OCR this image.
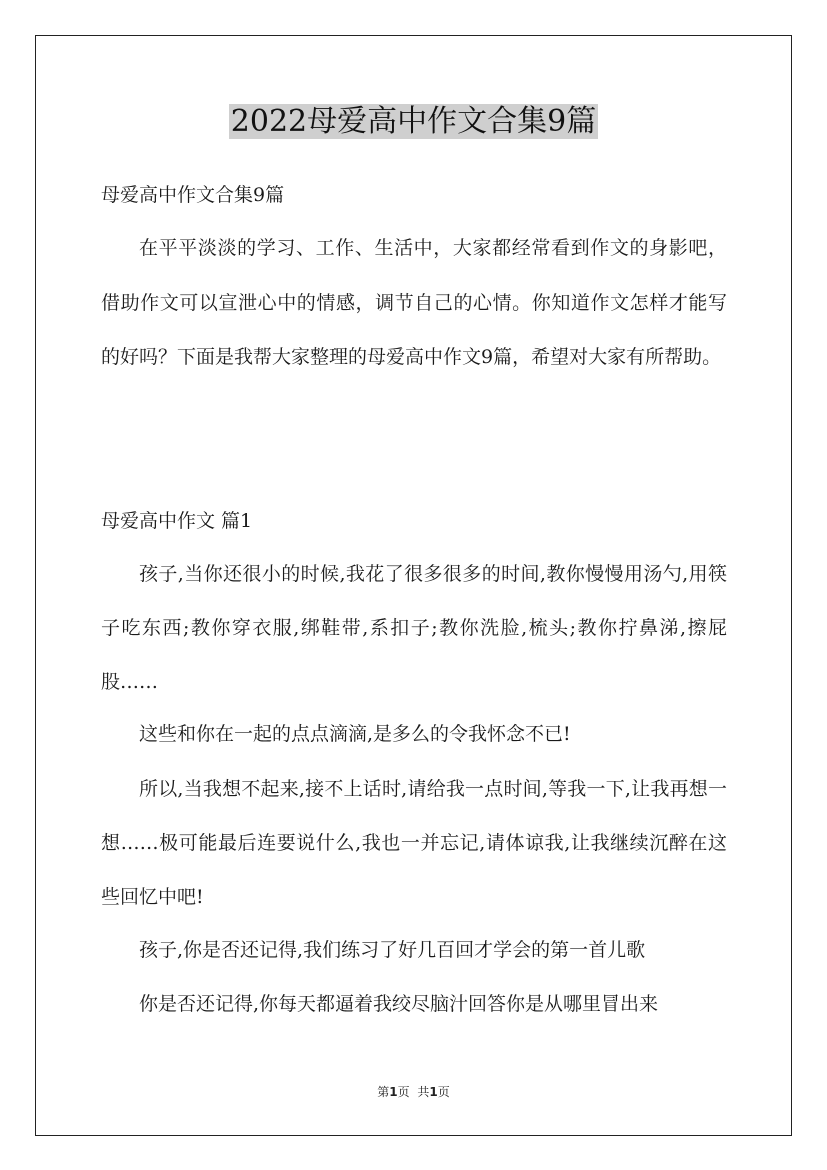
2022母爱高中作文合集9篇

母爱高中作文合集9篇

在平平淡淡的学习、工作、生活中，大家都经常看到作文的身影吧，借助作文可以宣泄心中的情感，调节自己的心情。你知道作文怎样才能写的好吗？下面是我帮大家整理的母爱高中作文9篇，希望对大家有所帮助。

母爱高中作文 篇1

孩子,当你还很小的时候,我花了很多很多的时间,教你慢慢用汤勺,用筷子吃东西;教你穿衣服,绑鞋带,系扣子;教你洗脸,梳头;教你拧鼻涕,擦屁股……

这些和你在一起的点点滴滴,是多么的令我怀念不已!

所以,当我想不起来,接不上话时,请给我一点时间,等我一下,让我再想一想……极可能最后连要说什么,我也一并忘记,请体谅我,让我继续沉醉在这些回忆中吧!

孩子,你是否还记得,我们练习了好几百回才学会的第一首儿歌

你是否还记得,你每天都逼着我绞尽脑汁回答你是从哪里冒出来

第1页 共1页
